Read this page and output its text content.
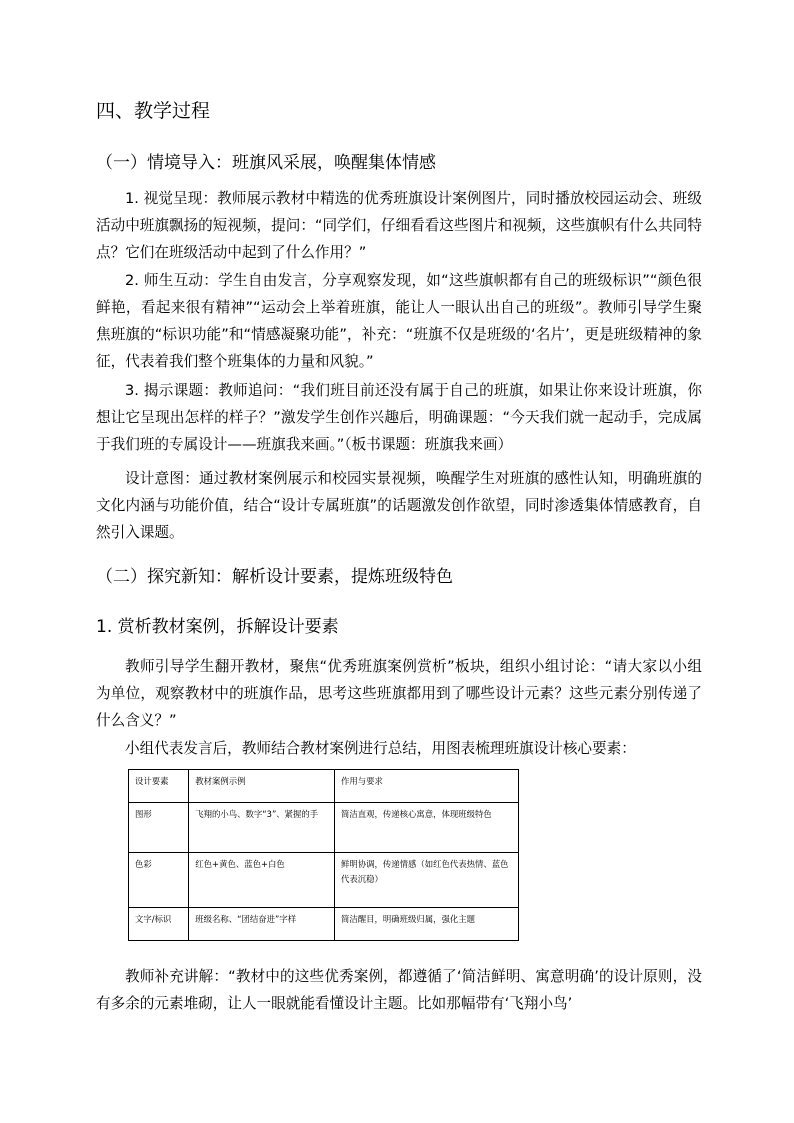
四、教学过程
（一）情境导入：班旗风采展，唤醒集体情感

1. 视觉呈现：教师展示教材中精选的优秀班旗设计案例图片，同时播放校园运动会、班级活动中班旗飘扬的短视频，提问：“同学们，仔细看看这些图片和视频，这些旗帜有什么共同特点？它们在班级活动中起到了什么作用？”

2. 师生互动：学生自由发言，分享观察发现，如“这些旗帜都有自己的班级标识”“颜色很鲜艳，看起来很有精神”“运动会上举着班旗，能让人一眼认出自己的班级”。教师引导学生聚焦班旗的“标识功能”和“情感凝聚功能”，补充：“班旗不仅是班级的‘名片’，更是班级精神的象征，代表着我们整个班集体的力量和风貌。”

3. 揭示课题：教师追问：“我们班目前还没有属于自己的班旗，如果让你来设计班旗，你想让它呈现出怎样的样子？”激发学生创作兴趣后，明确课题：“今天我们就一起动手，完成属于我们班的专属设计——班旗我来画。”（板书课题：班旗我来画）

设计意图：通过教材案例展示和校园实景视频，唤醒学生对班旗的感性认知，明确班旗的文化内涵与功能价值，结合“设计专属班旗”的话题激发创作欲望，同时渗透集体情感教育，自然引入课题。

（二）探究新知：解析设计要素，提炼班级特色
1. 赏析教材案例，拆解设计要素

教师引导学生翻开教材，聚焦“优秀班旗案例赏析”板块，组织小组讨论：“请大家以小组为单位，观察教材中的班旗作品，思考这些班旗都用到了哪些设计元素？这些元素分别传递了什么含义？”

小组代表发言后，教师结合教材案例进行总结，用图表梳理班旗设计核心要素：

设计要素	教材案例示例	作用与要求
图形	飞翔的小鸟、数字“3”、紧握的手	简洁直观，传递核心寓意，体现班级特色
色彩	红色+黄色、蓝色+白色	鲜明协调，传递情感（如红色代表热情、蓝色代表沉稳）
文字/标识	班级名称、“团结奋进”字样	简洁醒目，明确班级归属，强化主题

教师补充讲解：“教材中的这些优秀案例，都遵循了‘简洁鲜明、寓意明确’的设计原则，没有多余的元素堆砌，让人一眼就能看懂设计主题。比如那幅带有‘飞翔小鸟’
